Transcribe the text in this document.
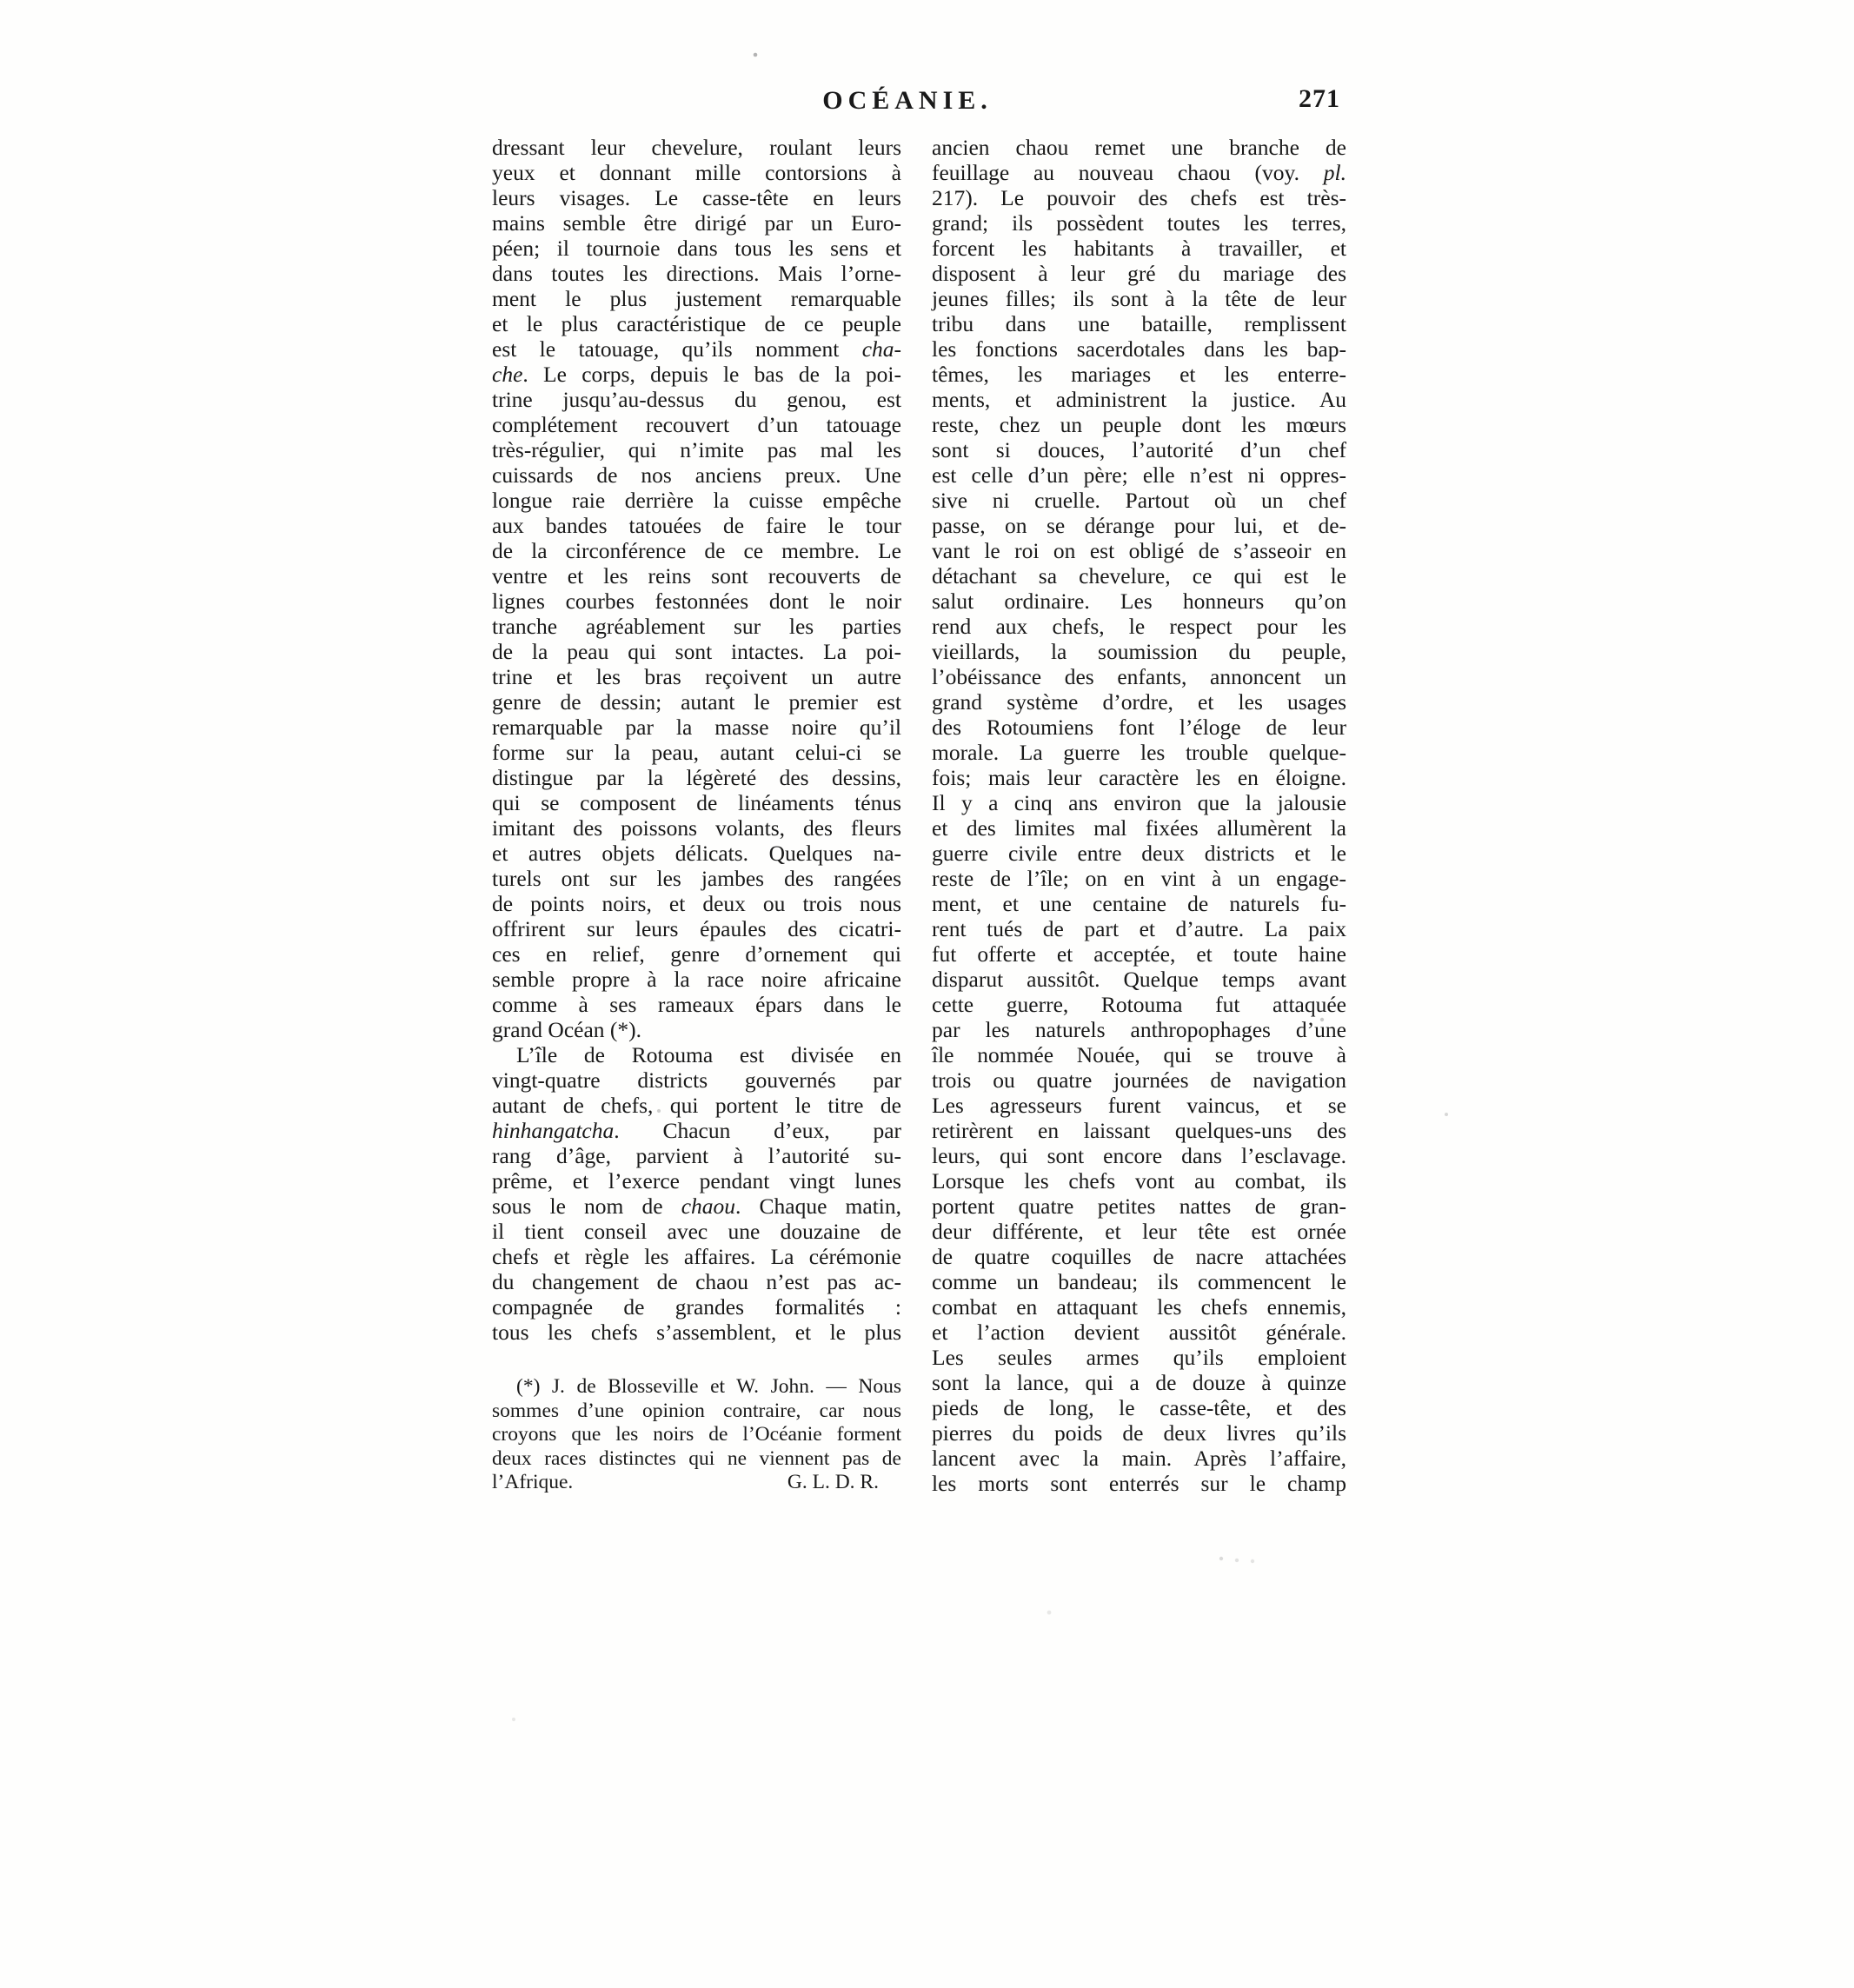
OCÉANIE.	271
dressant leur chevelure, roulant leurs
yeux et donnant mille contorsions à
leurs visages. Le casse-tête en leurs
mains semble être dirigé par un Euro-
péen; il tournoie dans tous les sens et
dans toutes les directions. Mais l’orne-
ment le plus justement remarquable
et le plus caractéristique de ce peuple
est le tatouage, qu’ils nomment cha-
che. Le corps, depuis le bas de la poi-
trine jusqu’au-dessus du genou, est
complétement recouvert d’un tatouage
très-régulier, qui n’imite pas mal les
cuissards de nos anciens preux. Une
longue raie derrière la cuisse empêche
aux bandes tatouées de faire le tour
de la circonférence de ce membre. Le
ventre et les reins sont recouverts de
lignes courbes festonnées dont le noir
tranche agréablement sur les parties
de la peau qui sont intactes. La poi-
trine et les bras reçoivent un autre
genre de dessin; autant le premier est
remarquable par la masse noire qu’il
forme sur la peau, autant celui-ci se
distingue par la légèreté des dessins,
qui se composent de linéaments ténus
imitant des poissons volants, des fleurs
et autres objets délicats. Quelques na-
turels ont sur les jambes des rangées
de points noirs, et deux ou trois nous
offrirent sur leurs épaules des cicatri-
ces en relief, genre d’ornement qui
semble propre à la race noire africaine
comme à ses rameaux épars dans le
grand Océan (*).
L’île de Rotouma est divisée en
vingt-quatre districts gouvernés par
autant de chefs, qui portent le titre de
hinhangatcha. Chacun d’eux, par
rang d’âge, parvient à l’autorité su-
prême, et l’exerce pendant vingt lunes
sous le nom de chaou. Chaque matin,
il tient conseil avec une douzaine de
chefs et règle les affaires. La cérémonie
du changement de chaou n’est pas ac-
compagnée de grandes formalités :
tous les chefs s’assemblent, et le plus
ancien chaou remet une branche de
feuillage au nouveau chaou (voy. pl.
217). Le pouvoir des chefs est très-
grand; ils possèdent toutes les terres,
forcent les habitants à travailler, et
disposent à leur gré du mariage des
jeunes filles; ils sont à la tête de leur
tribu dans une bataille, remplissent
les fonctions sacerdotales dans les bap-
têmes, les mariages et les enterre-
ments, et administrent la justice. Au
reste, chez un peuple dont les mœurs
sont si douces, l’autorité d’un chef
est celle d’un père; elle n’est ni oppres-
sive ni cruelle. Partout où un chef
passe, on se dérange pour lui, et de-
vant le roi on est obligé de s’asseoir en
détachant sa chevelure, ce qui est le
salut ordinaire. Les honneurs qu’on
rend aux chefs, le respect pour les
vieillards, la soumission du peuple,
l’obéissance des enfants, annoncent un
grand système d’ordre, et les usages
des Rotoumiens font l’éloge de leur
morale. La guerre les trouble quelque-
fois; mais leur caractère les en éloigne.
Il y a cinq ans environ que la jalousie
et des limites mal fixées allumèrent la
guerre civile entre deux districts et le
reste de l’île; on en vint à un engage-
ment, et une centaine de naturels fu-
rent tués de part et d’autre. La paix
fut offerte et acceptée, et toute haine
disparut aussitôt. Quelque temps avant
cette guerre, Rotouma fut attaquée
par les naturels anthropophages d’une
île nommée Nouée, qui se trouve à
trois ou quatre journées de navigation
Les agresseurs furent vaincus, et se
retirèrent en laissant quelques-uns des
leurs, qui sont encore dans l’esclavage.
Lorsque les chefs vont au combat, ils
portent quatre petites nattes de gran-
deur différente, et leur tête est ornée
de quatre coquilles de nacre attachées
comme un bandeau; ils commencent le
combat en attaquant les chefs ennemis,
et l’action devient aussitôt générale.
Les seules armes qu’ils emploient
sont la lance, qui a de douze à quinze
pieds de long, le casse-tête, et des
pierres du poids de deux livres qu’ils
lancent avec la main. Après l’affaire,
les morts sont enterrés sur le champ
(*) J. de Blosseville et W. John. — Nous
sommes d’une opinion contraire, car nous
croyons que les noirs de l’Océanie forment
deux races distinctes qui ne viennent pas de
l’Afrique.	G. L. D. R.
